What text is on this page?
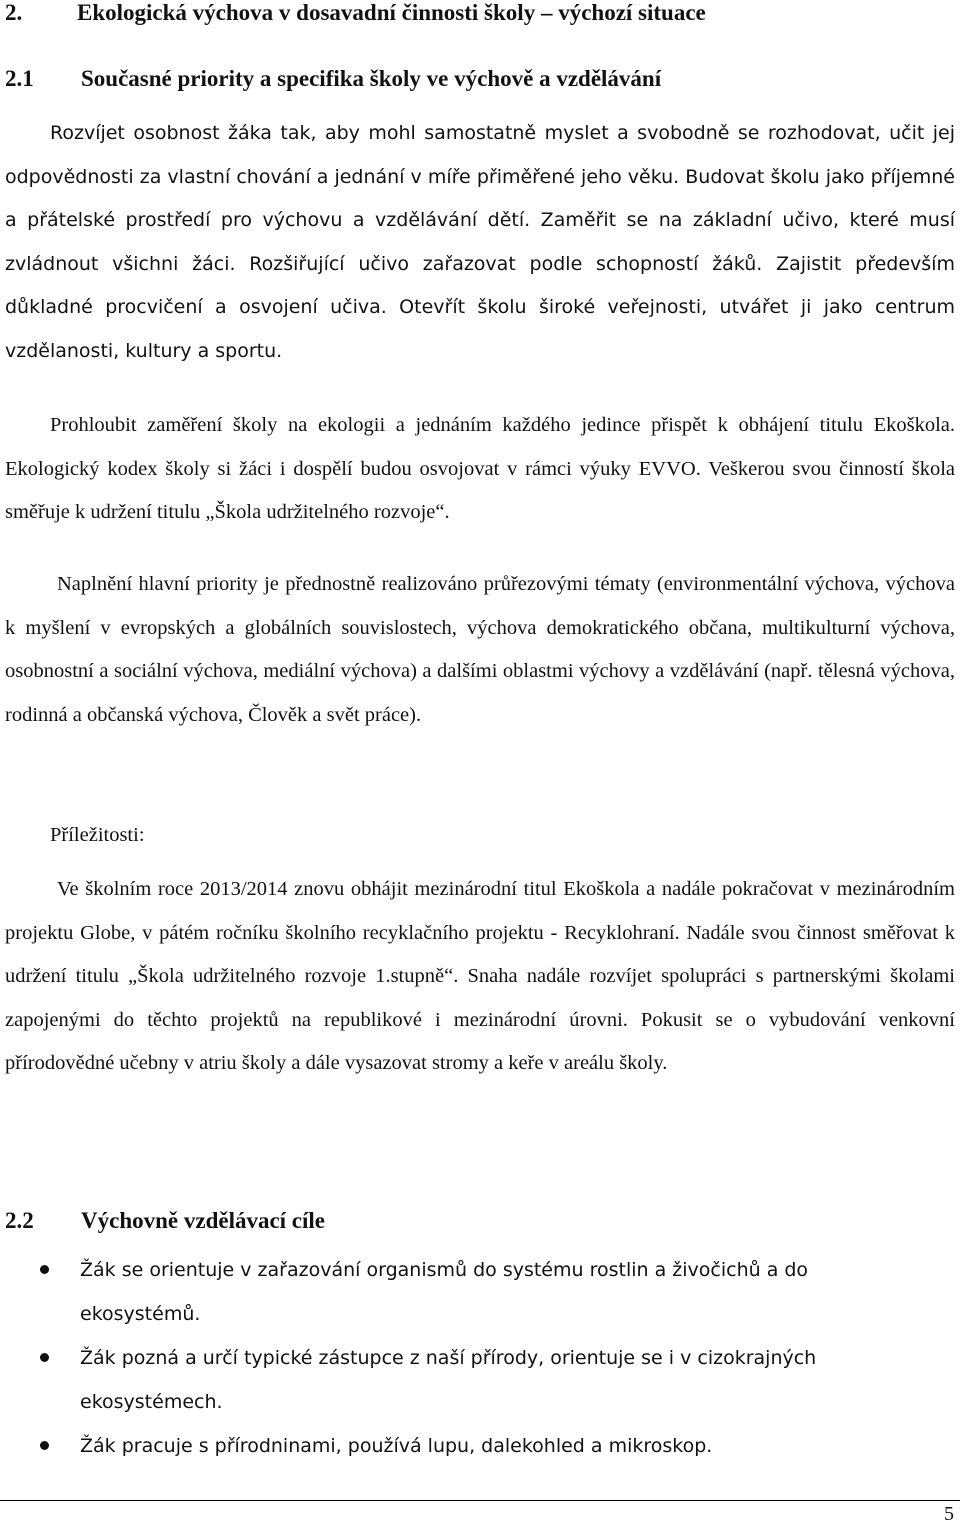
2. Ekologická výchova v dosavadní činnosti školy – výchozí situace
2.1 Současné priority a specifika školy ve výchově a vzdělávání

Rozvíjet osobnost žáka tak, aby mohl samostatně myslet a svobodně se rozhodovat, učit jej odpovědnosti za vlastní chování a jednání v míře přiměřené jeho věku. Budovat školu jako příjemné a přátelské prostředí pro výchovu a vzdělávání dětí. Zaměřit se na základní učivo, které musí zvládnout všichni žáci. Rozšiřující učivo zařazovat podle schopností žáků. Zajistit především důkladné procvičení a osvojení učiva. Otevřít školu široké veřejnosti, utvářet ji jako centrum vzdělanosti, kultury a sportu.

Prohloubit zaměření školy na ekologii a jednáním každého jedince přispět k obhájení titulu Ekoškola. Ekologický kodex školy si žáci i dospělí budou osvojovat v rámci výuky EVVO. Veškerou svou činností škola směřuje k udržení titulu „Škola udržitelného rozvoje“.

Naplnění hlavní priority je přednostně realizováno průřezovými tématy (environmentální výchova, výchova k myšlení v evropských a globálních souvislostech, výchova demokratického občana, multikulturní výchova, osobnostní a sociální výchova, mediální výchova) a dalšími oblastmi výchovy a vzdělávání (např. tělesná výchova, rodinná a občanská výchova, Člověk a svět práce).

Příležitosti:

Ve školním roce 2013/2014 znovu obhájit mezinárodní titul Ekoškola a nadále pokračovat v mezinárodním projektu Globe, v pátém ročníku školního recyklačního projektu - Recyklohraní. Nadále svou činnost směřovat k udržení titulu „Škola udržitelného rozvoje 1.stupně“. Snaha nadále rozvíjet spolupráci s partnerskými školami zapojenými do těchto projektů na republikové i mezinárodní úrovni. Pokusit se o vybudování venkovní přírodovědné učebny v atriu školy a dále vysazovat stromy a keře v areálu školy.

2.2 Výchovně vzdělávací cíle
Žák se orientuje v zařazování organismů do systému rostlin a živočichů a do ekosystémů.
Žák pozná a určí typické zástupce z naší přírody, orientuje se i v cizokrajných ekosystémech.
Žák pracuje s přírodninami, používá lupu, dalekohled a mikroskop.
5
